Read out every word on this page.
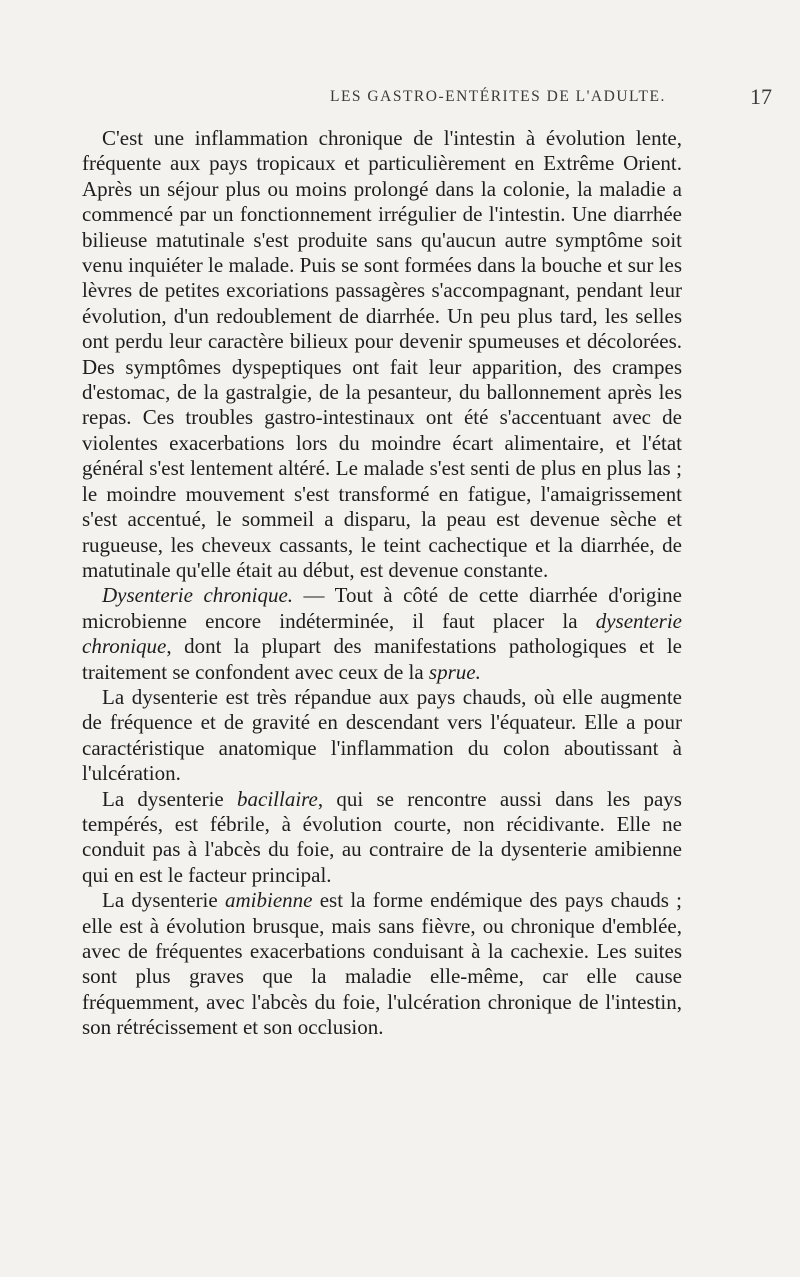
LES GASTRO-ENTÉRITES DE L'ADULTE.	17

C'est une inflammation chronique de l'intestin à évolution lente, fréquente aux pays tropicaux et particulièrement en Extrême Orient. Après un séjour plus ou moins prolongé dans la colonie, la maladie a commencé par un fonctionnement irrégulier de l'intestin. Une diarrhée bilieuse matutinale s'est produite sans qu'aucun autre symptôme soit venu inquiéter le malade. Puis se sont formées dans la bouche et sur les lèvres de petites excoriations passagères s'accompagnant, pendant leur évolution, d'un redoublement de diarrhée. Un peu plus tard, les selles ont perdu leur caractère bilieux pour devenir spumeuses et décolorées. Des symptômes dyspeptiques ont fait leur apparition, des crampes d'estomac, de la gastralgie, de la pesanteur, du ballonnement après les repas. Ces troubles gastro-intestinaux ont été s'accentuant avec de violentes exacerbations lors du moindre écart alimentaire, et l'état général s'est lentement altéré. Le malade s'est senti de plus en plus las ; le moindre mouvement s'est transformé en fatigue, l'amaigrissement s'est accentué, le sommeil a disparu, la peau est devenue sèche et rugueuse, les cheveux cassants, le teint cachectique et la diarrhée, de matutinale qu'elle était au début, est devenue constante.

Dysenterie chronique. — Tout à côté de cette diarrhée d'origine microbienne encore indéterminée, il faut placer la dysenterie chronique, dont la plupart des manifestations pathologiques et le traitement se confondent avec ceux de la sprue.

La dysenterie est très répandue aux pays chauds, où elle augmente de fréquence et de gravité en descendant vers l'équateur. Elle a pour caractéristique anatomique l'inflammation du colon aboutissant à l'ulcération.

La dysenterie bacillaire, qui se rencontre aussi dans les pays tempérés, est fébrile, à évolution courte, non récidivante. Elle ne conduit pas à l'abcès du foie, au contraire de la dysenterie amibienne qui en est le facteur principal.

La dysenterie amibienne est la forme endémique des pays chauds ; elle est à évolution brusque, mais sans fièvre, ou chronique d'emblée, avec de fréquentes exacerbations conduisant à la cachexie. Les suites sont plus graves que la maladie elle-même, car elle cause fréquemment, avec l'abcès du foie, l'ulcération chronique de l'intestin, son rétrécissement et son occlusion.
